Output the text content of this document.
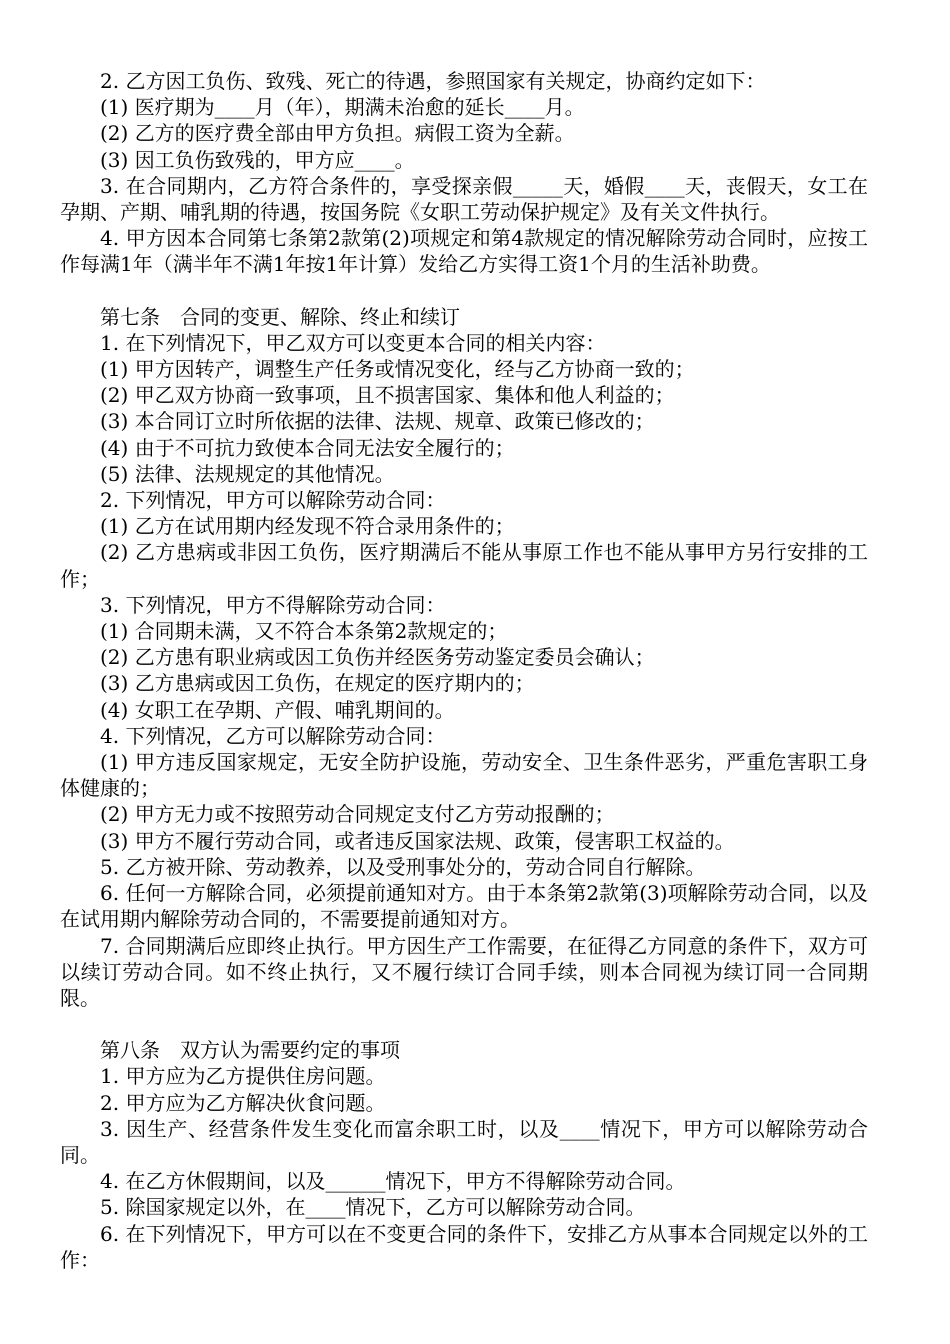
2. 乙方因工负伤、致残、死亡的待遇，参照国家有关规定，协商约定如下：

(1) 医疗期为____月（年），期满未治愈的延长____月。

(2) 乙方的医疗费全部由甲方负担。病假工资为全薪。

(3) 因工负伤致残的，甲方应____。

3. 在合同期内，乙方符合条件的，享受探亲假_____天，婚假____天，丧假天，女工在孕期、产期、哺乳期的待遇，按国务院《女职工劳动保护规定》及有关文件执行。

4. 甲方因本合同第七条第2款第(2)项规定和第4款规定的情况解除劳动合同时，应按工作每满1年（满半年不满1年按1年计算）发给乙方实得工资1个月的生活补助费。

第七条　合同的变更、解除、终止和续订

1. 在下列情况下，甲乙双方可以变更本合同的相关内容：

(1) 甲方因转产，调整生产任务或情况变化，经与乙方协商一致的；

(2) 甲乙双方协商一致事项，且不损害国家、集体和他人利益的；

(3) 本合同订立时所依据的法律、法规、规章、政策已修改的；

(4) 由于不可抗力致使本合同无法安全履行的；

(5) 法律、法规规定的其他情况。

2. 下列情况，甲方可以解除劳动合同：

(1) 乙方在试用期内经发现不符合录用条件的；

(2) 乙方患病或非因工负伤，医疗期满后不能从事原工作也不能从事甲方另行安排的工作；

3. 下列情况，甲方不得解除劳动合同：

(1) 合同期未满，又不符合本条第2款规定的；

(2) 乙方患有职业病或因工负伤并经医务劳动鉴定委员会确认；

(3) 乙方患病或因工负伤，在规定的医疗期内的；

(4) 女职工在孕期、产假、哺乳期间的。

4. 下列情况，乙方可以解除劳动合同：

(1) 甲方违反国家规定，无安全防护设施，劳动安全、卫生条件恶劣，严重危害职工身体健康的；

(2) 甲方无力或不按照劳动合同规定支付乙方劳动报酬的；

(3) 甲方不履行劳动合同，或者违反国家法规、政策，侵害职工权益的。

5. 乙方被开除、劳动教养，以及受刑事处分的，劳动合同自行解除。

6. 任何一方解除合同，必须提前通知对方。由于本条第2款第(3)项解除劳动合同，以及在试用期内解除劳动合同的，不需要提前通知对方。

7. 合同期满后应即终止执行。甲方因生产工作需要，在征得乙方同意的条件下，双方可以续订劳动合同。如不终止执行，又不履行续订合同手续，则本合同视为续订同一合同期限。

第八条　双方认为需要约定的事项

1. 甲方应为乙方提供住房问题。

2. 甲方应为乙方解决伙食问题。

3. 因生产、经营条件发生变化而富余职工时，以及____情况下，甲方可以解除劳动合同。

4. 在乙方休假期间，以及______情况下，甲方不得解除劳动合同。

5. 除国家规定以外，在____情况下，乙方可以解除劳动合同。

6. 在下列情况下，甲方可以在不变更合同的条件下，安排乙方从事本合同规定以外的工作：
